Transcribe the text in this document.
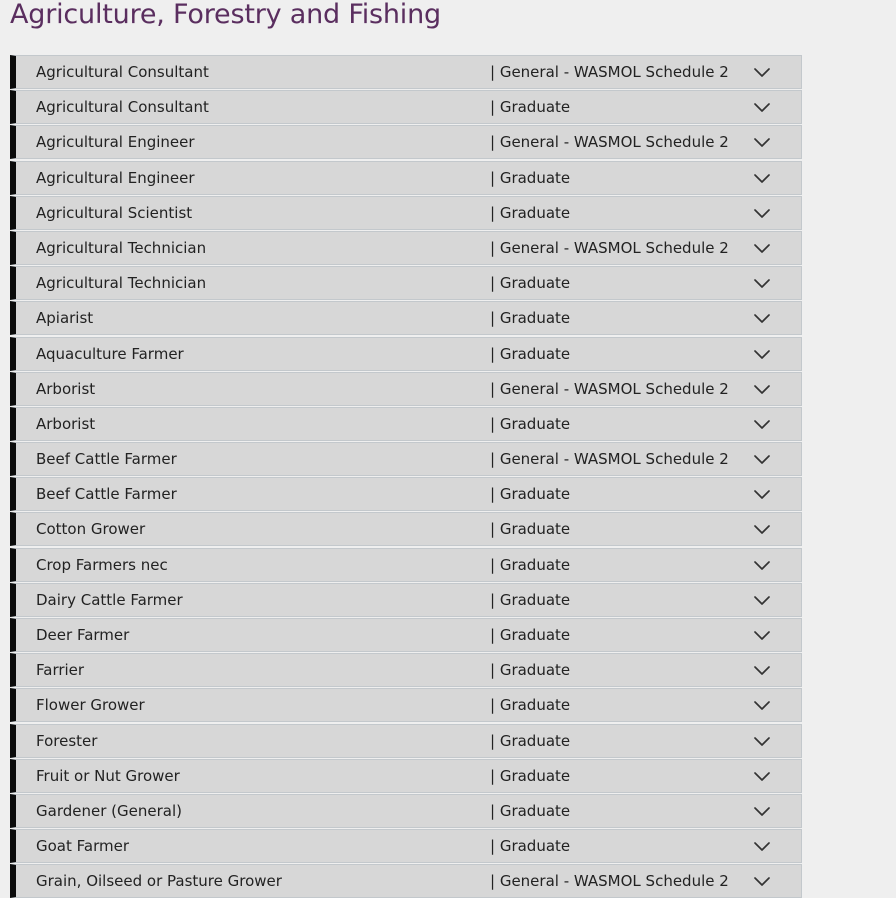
Agriculture, Forestry and Fishing
Agricultural Consultant	| General - WASMOL Schedule 2
Agricultural Consultant	| Graduate
Agricultural Engineer	| General - WASMOL Schedule 2
Agricultural Engineer	| Graduate
Agricultural Scientist	| Graduate
Agricultural Technician	| General - WASMOL Schedule 2
Agricultural Technician	| Graduate
Apiarist	| Graduate
Aquaculture Farmer	| Graduate
Arborist	| General - WASMOL Schedule 2
Arborist	| Graduate
Beef Cattle Farmer	| General - WASMOL Schedule 2
Beef Cattle Farmer	| Graduate
Cotton Grower	| Graduate
Crop Farmers nec	| Graduate
Dairy Cattle Farmer	| Graduate
Deer Farmer	| Graduate
Farrier	| Graduate
Flower Grower	| Graduate
Forester	| Graduate
Fruit or Nut Grower	| Graduate
Gardener (General)	| Graduate
Goat Farmer	| Graduate
Grain, Oilseed or Pasture Grower	| General - WASMOL Schedule 2
